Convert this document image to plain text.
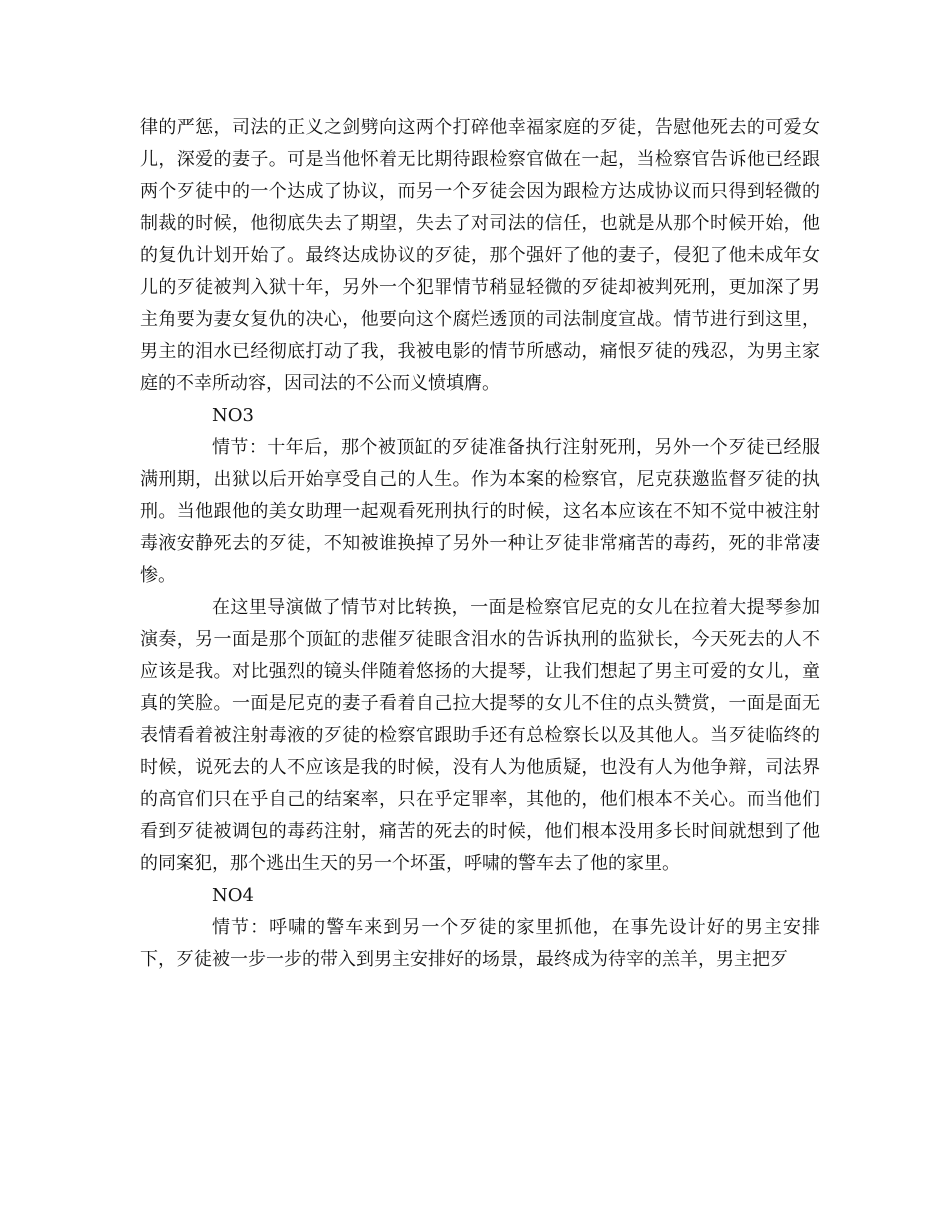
律的严惩，司法的正义之剑劈向这两个打碎他幸福家庭的歹徒，告慰他死去的可爱女儿，深爱的妻子。可是当他怀着无比期待跟检察官做在一起，当检察官告诉他已经跟两个歹徒中的一个达成了协议，而另一个歹徒会因为跟检方达成协议而只得到轻微的制裁的时候，他彻底失去了期望，失去了对司法的信任，也就是从那个时候开始，他的复仇计划开始了。最终达成协议的歹徒，那个强奸了他的妻子，侵犯了他未成年女儿的歹徒被判入狱十年，另外一个犯罪情节稍显轻微的歹徒却被判死刑，更加深了男主角要为妻女复仇的决心，他要向这个腐烂透顶的司法制度宣战。情节进行到这里，男主的泪水已经彻底打动了我，我被电影的情节所感动，痛恨歹徒的残忍，为男主家庭的不幸所动容，因司法的不公而义愤填膺。

NO3

情节：十年后，那个被顶缸的歹徒准备执行注射死刑，另外一个歹徒已经服满刑期，出狱以后开始享受自己的人生。作为本案的检察官，尼克获邀监督歹徒的执刑。当他跟他的美女助理一起观看死刑执行的时候，这名本应该在不知不觉中被注射毒液安静死去的歹徒，不知被谁换掉了另外一种让歹徒非常痛苦的毒药，死的非常凄惨。

在这里导演做了情节对比转换，一面是检察官尼克的女儿在拉着大提琴参加演奏，另一面是那个顶缸的悲催歹徒眼含泪水的告诉执刑的监狱长，今天死去的人不应该是我。对比强烈的镜头伴随着悠扬的大提琴，让我们想起了男主可爱的女儿，童真的笑脸。一面是尼克的妻子看着自己拉大提琴的女儿不住的点头赞赏，一面是面无表情看着被注射毒液的歹徒的检察官跟助手还有总检察长以及其他人。当歹徒临终的时候，说死去的人不应该是我的时候，没有人为他质疑，也没有人为他争辩，司法界的高官们只在乎自己的结案率，只在乎定罪率，其他的，他们根本不关心。而当他们看到歹徒被调包的毒药注射，痛苦的死去的时候，他们根本没用多长时间就想到了他的同案犯，那个逃出生天的另一个坏蛋，呼啸的警车去了他的家里。

NO4

情节：呼啸的警车来到另一个歹徒的家里抓他，在事先设计好的男主安排下，歹徒被一步一步的带入到男主安排好的场景，最终成为待宰的羔羊，男主把歹
